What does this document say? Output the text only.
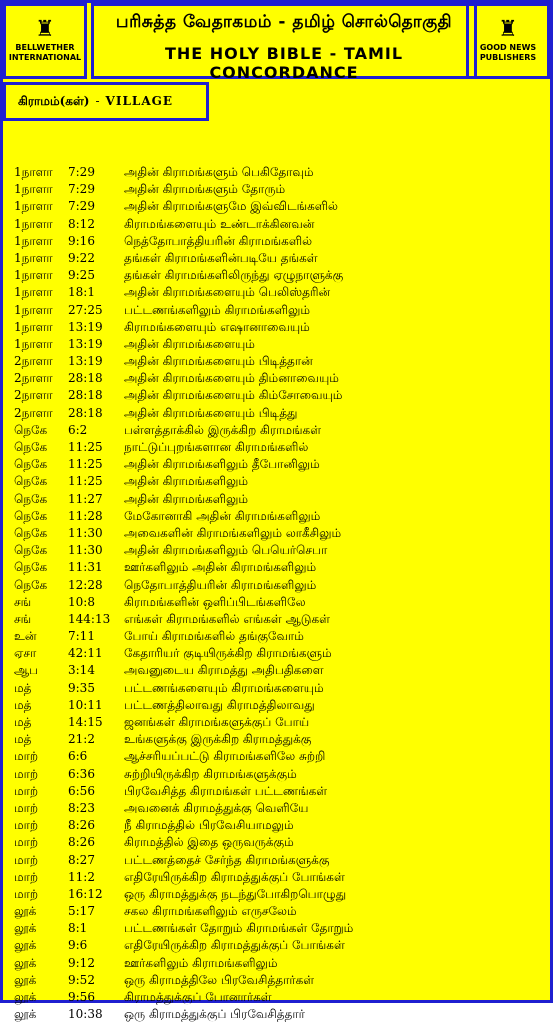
♜
BELLWETHER
INTERNATIONAL
பரிசுத்த வேதாகமம் - தமிழ் சொல்தொகுதி
THE HOLY BIBLE - TAMIL CONCORDANCE
♜
GOOD NEWS
PUBLISHERS
கிராமம்(கள்) - VILLAGE
1நாளா	7:29	அதின் கிராமங்களும் பெகிதோவும்
1நாளா	7:29	அதின் கிராமங்களும் தோரும்
1நாளா	7:29	அதின் கிராமங்களுமே இவ்விடங்களில்
1நாளா	8:12	கிராமங்களையும் உண்டாக்கினவன்
1நாளா	9:16	நெத்தோபாத்தியரின் கிராமங்களில்
1நாளா	9:22	தங்கள் கிராமங்களின்படியே தங்கள்
1நாளா	9:25	தங்கள் கிராமங்களிலிருந்து ஏழுநாளுக்கு
1நாளா	18:1	அதின் கிராமங்களையும் பெலிஸ்தரின்
1நாளா	27:25	பட்டணங்களிலும் கிராமங்களிலும்
1நாளா	13:19	கிராமங்களையும் எஷானாவையும்
1நாளா	13:19	அதின் கிராமங்களையும்
2நாளா	13:19	அதின் கிராமங்களையும் பிடித்தான்
2நாளா	28:18	அதின் கிராமங்களையும் திம்னாவையும்
2நாளா	28:18	அதின் கிராமங்களையும் கிம்சோவையும்
2நாளா	28:18	அதின் கிராமங்களையும் பிடித்து
நெகே	6:2	பள்ளத்தாக்கில் இருக்கிற கிராமங்கள்
நெகே	11:25	நாட்டுப்புறங்களான கிராமங்களில்
நெகே	11:25	அதின் கிராமங்களிலும் தீபோனிலும்
நெகே	11:25	அதின் கிராமங்களிலும்
நெகே	11:27	அதின் கிராமங்களிலும்
நெகே	11:28	மேகோனாகி அதின் கிராமங்களிலும்
நெகே	11:30	அவைகளின் கிராமங்களிலும் லாகீசிலும்
நெகே	11:30	அதின் கிராமங்களிலும் பெயெர்செபா
நெகே	11:31	ஊர்களிலும் அதின் கிராமங்களிலும்
நெகே	12:28	நெதோபாத்தியரின் கிராமங்களிலும்
சங்	10:8	கிராமங்களின் ஒளிப்பிடங்களிலே
சங்	144:13	எங்கள் கிராமங்களில் எங்கள் ஆடுகள்
உன்	7:11	போய் கிராமங்களில் தங்குவோம்
ஏசா	42:11	கேதாரியர் குடியிருக்கிற கிராமங்களும்
ஆப	3:14	அவனுடைய கிராமத்து அதிபதிகளை
மத்	9:35	பட்டணங்களையும் கிராமங்களையும்
மத்	10:11	பட்டணத்திலாவது கிராமத்திலாவது
மத்	14:15	ஜனங்கள் கிராமங்களுக்குப் போய்
மத்	21:2	உங்களுக்கு இருக்கிற கிராமத்துக்கு
மாற்	6:6	ஆச்சரியப்பட்டு கிராமங்களிலே சுற்றி
மாற்	6:36	சுற்றியிருக்கிற கிராமங்களுக்கும்
மாற்	6:56	பிரவேசித்த கிராமங்கள் பட்டணங்கள்
மாற்	8:23	அவனைக் கிராமத்துக்கு வெளியே
மாற்	8:26	நீ கிராமத்தில் பிரவேசியாமலும்
மாற்	8:26	கிராமத்தில் இதை ஒருவருக்கும்
மாற்	8:27	பட்டணத்தைச் சேர்ந்த கிராமங்களுக்கு
மாற்	11:2	எதிரேயிருக்கிற கிராமத்துக்குப் போங்கள்
மாற்	16:12	ஒரு கிராமத்துக்கு நடந்துபோகிறபொழுது
லூக்	5:17	சகல கிராமங்களிலும் எருசலேம்
லூக்	8:1	பட்டணங்கள் தோறும் கிராமங்கள் தோறும்
லூக்	9:6	எதிரேயிருக்கிற கிராமத்துக்குப் போங்கள்
லூக்	9:12	ஊர்களிலும் கிராமங்களிலும்
லூக்	9:52	ஒரு கிராமத்திலே பிரவேசித்தார்கள்
லூக்	9:56	கிராமத்துக்குப் போனார்கள்
லூக்	10:38	ஒரு கிராமத்துக்குப் பிரவேசித்தார்
